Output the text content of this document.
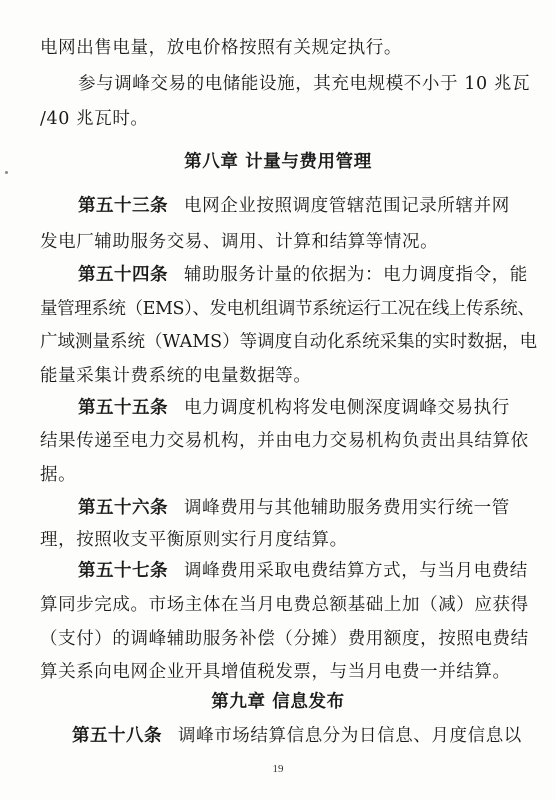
电网出售电量，放电价格按照有关规定执行。
参与调峰交易的电储能设施，其充电规模不小于 10 兆瓦
/40 兆瓦时。
第八章 计量与费用管理
第五十三条 电网企业按照调度管辖范围记录所辖并网
发电厂辅助服务交易、调用、计算和结算等情况。
第五十四条 辅助服务计量的依据为：电力调度指令，能
量管理系统（EMS）、发电机组调节系统运行工况在线上传系统、
广域测量系统（WAMS）等调度自动化系统采集的实时数据，电
能量采集计费系统的电量数据等。
第五十五条 电力调度机构将发电侧深度调峰交易执行
结果传递至电力交易机构，并由电力交易机构负责出具结算依
据。
第五十六条 调峰费用与其他辅助服务费用实行统一管
理，按照收支平衡原则实行月度结算。
第五十七条 调峰费用采取电费结算方式，与当月电费结
算同步完成。市场主体在当月电费总额基础上加（减）应获得
（支付）的调峰辅助服务补偿（分摊）费用额度，按照电费结
算关系向电网企业开具增值税发票，与当月电费一并结算。
第九章 信息发布
第五十八条 调峰市场结算信息分为日信息、月度信息以
19
